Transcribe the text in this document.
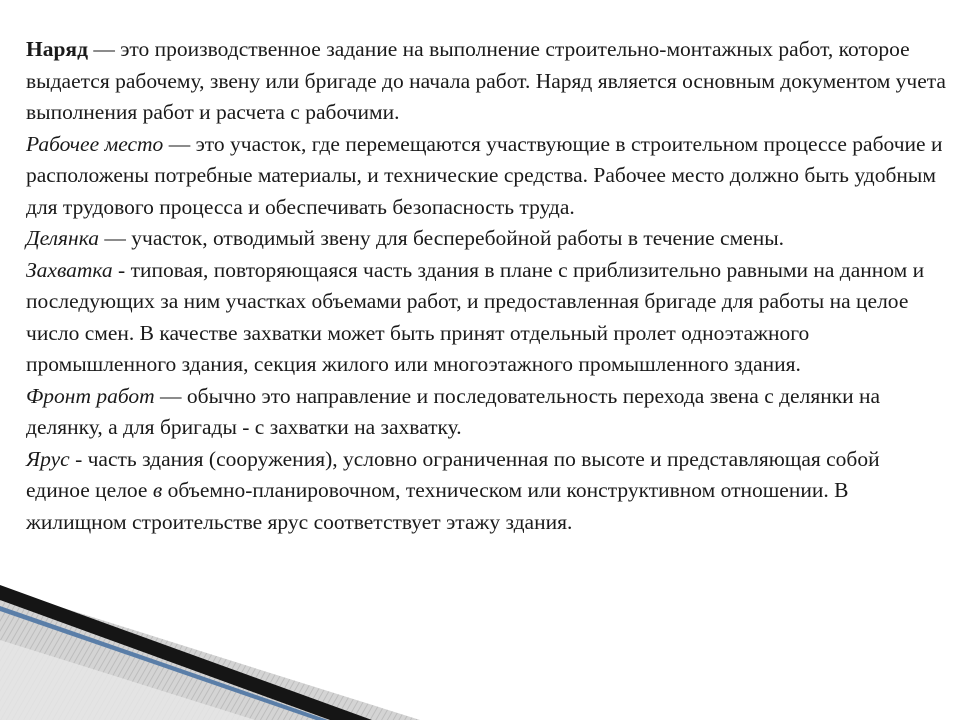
Наряд — это производственное задание на выполнение строительно-монтажных работ, которое выдается рабочему, звену или бригаде до начала работ. Наряд является основным документом учета выполнения работ и расчета с рабочими.

Рабочее место — это участок, где перемещаются участвующие в строительном процессе рабочие и расположены потребные материалы, и технические средства. Рабочее место должно быть удобным для трудового процесса и обеспечивать безопасность труда.

Делянка — участок, отводимый звену для бесперебойной работы в течение смены.

Захватка - типовая, повторяющаяся часть здания в плане с приблизительно равными на данном и последующих за ним участках объемами работ, и предоставленная бригаде для работы на целое число смен. В качестве захватки может быть принят отдельный пролет одноэтажного промышленного здания, секция жилого или многоэтажного промышленного здания.

Фронт работ — обычно это направление и последовательность перехода звена с делянки на делянку, а для бригады - с захватки на захватку.

Ярус - часть здания (сооружения), условно ограниченная по высоте и представляющая собой единое целое в объемно-планировочном, техническом или конструктивном отношении. В жилищном строительстве ярус соответствует этажу здания.
